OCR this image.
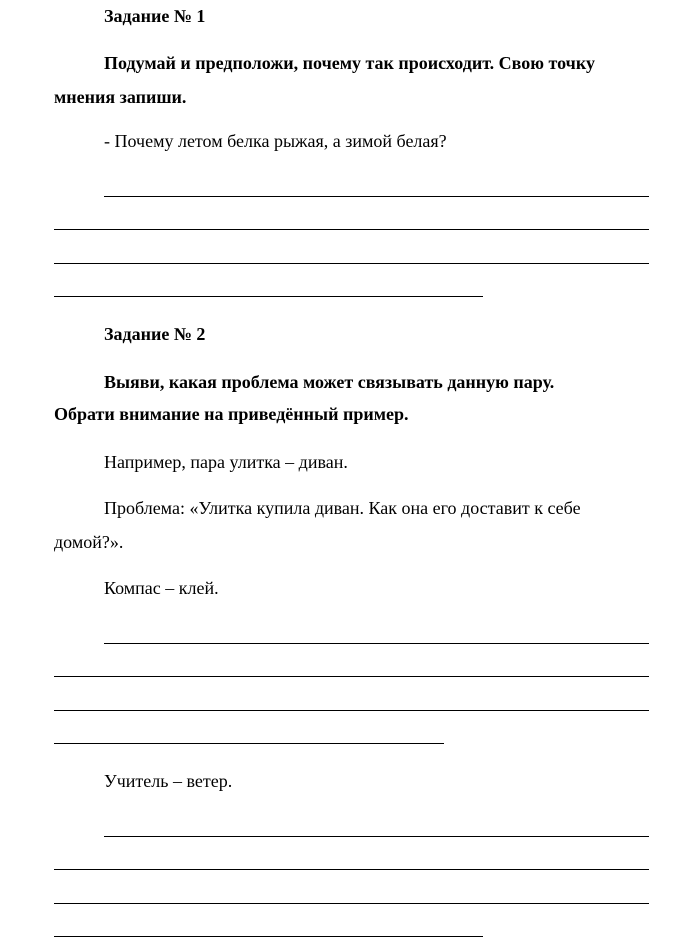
Задание № 1
Подумай и предположи, почему так происходит. Свою точку
мнения запиши.
- Почему летом белка рыжая, а зимой белая?
Задание № 2
Выяви, какая проблема может связывать данную пару.
Обрати внимание на приведённый пример.
Например, пара улитка – диван.
Проблема: «Улитка купила диван. Как она его доставит к себе
домой?».
Компас – клей.
Учитель – ветер.
